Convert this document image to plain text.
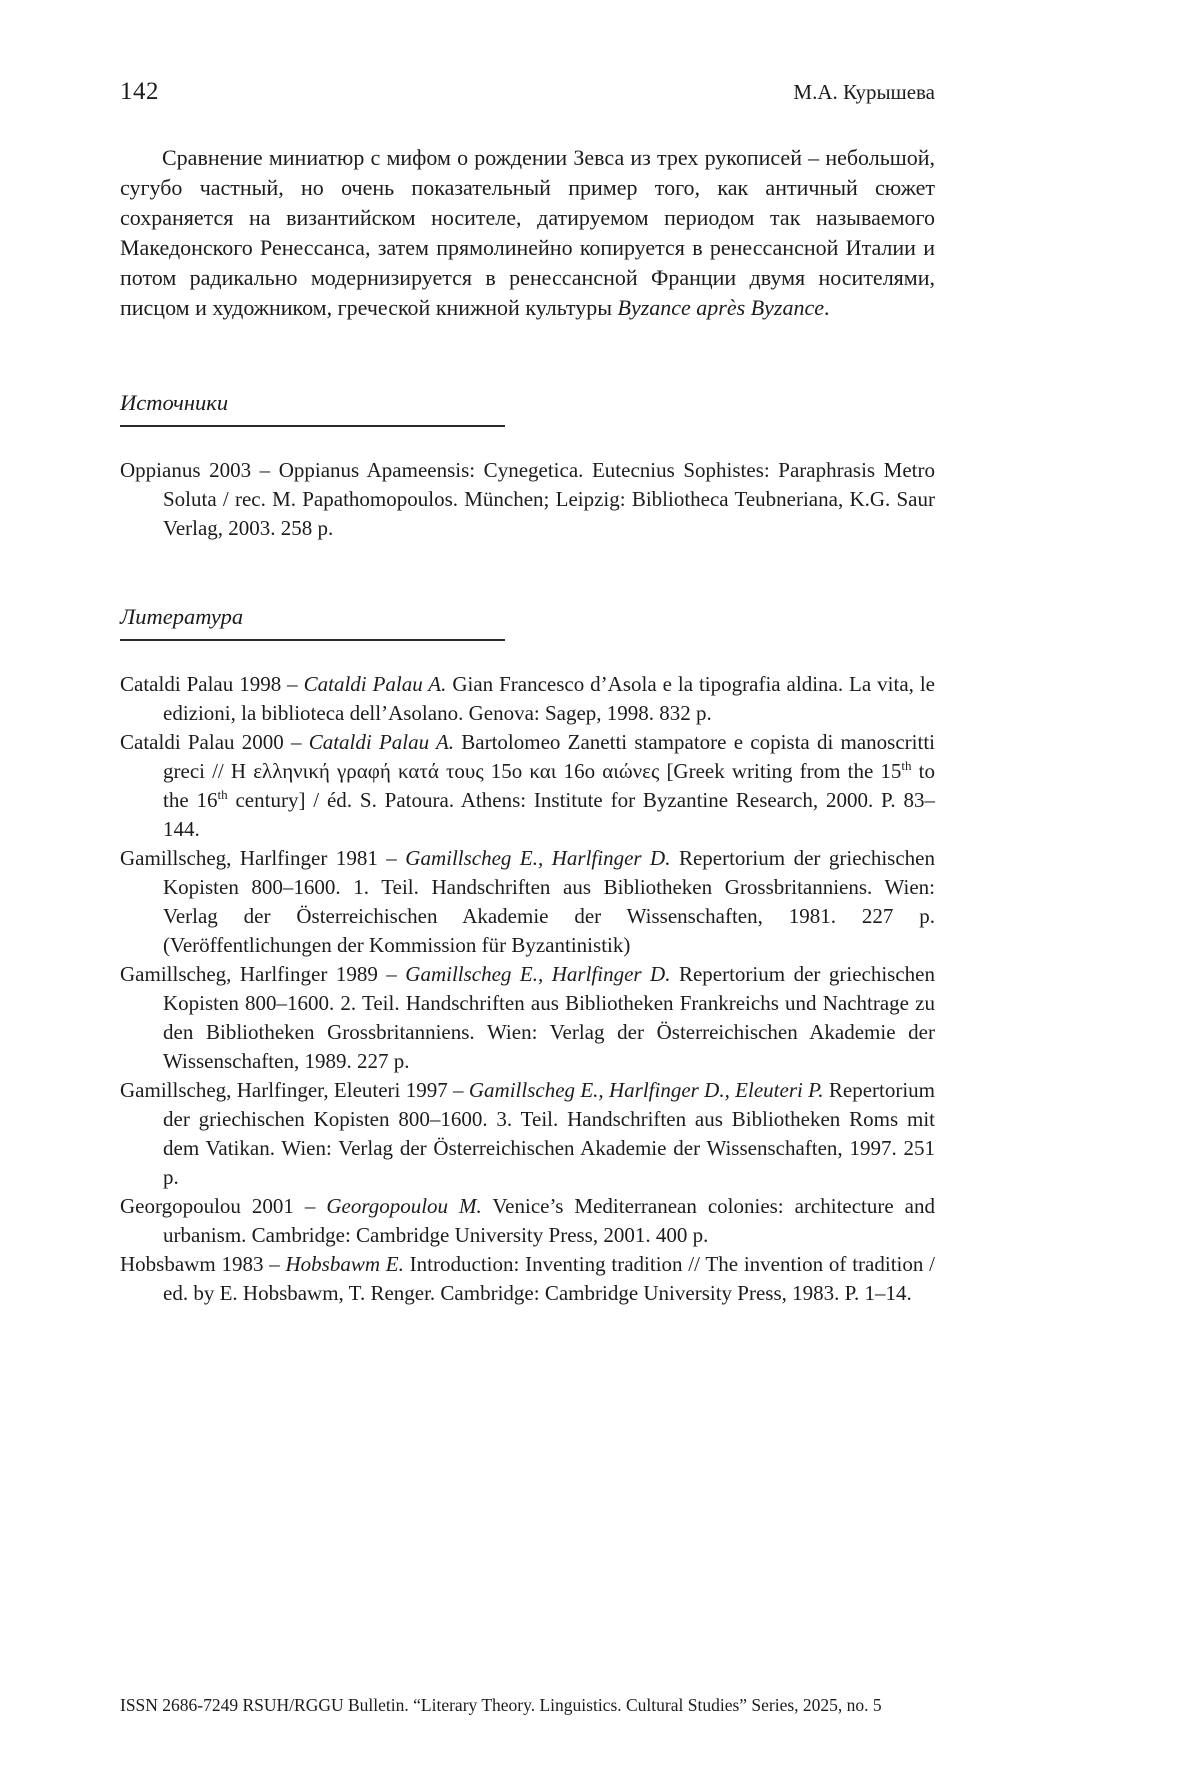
142	М.А. Курышева

Сравнение миниатюр с мифом о рождении Зевса из трех рукописей – небольшой, сугубо частный, но очень показательный пример того, как античный сюжет сохраняется на византийском носителе, датируемом периодом так называемого Македонского Ренессанса, затем прямолинейно копируется в ренессансной Италии и потом радикально модернизируется в ренессансной Франции двумя носителями, писцом и художником, греческой книжной культуры Byzance après Byzance.

Источники

Oppianus 2003 – Oppianus Apameensis: Cynegetica. Eutecnius Sophistes: Paraphrasis Metro Soluta / rec. M. Papathomopoulos. München; Leipzig: Bibliotheca Teubneriana, K.G. Saur Verlag, 2003. 258 p.

Литература

Cataldi Palau 1998 – Cataldi Palau A. Gian Francesco d’Asola e la tipografia aldina. La vita, le edizioni, la biblioteca dell’Asolano. Genova: Sagep, 1998. 832 p.

Cataldi Palau 2000 – Cataldi Palau A. Bartolomeo Zanetti stampatore e copista di manoscritti greci // Η ελληνική γραφή κατά τους 15ο και 16ο αιώνες [Greek writing from the 15th to the 16th century] / éd. S. Patoura. Athens: Institute for Byzantine Research, 2000. P. 83–144.

Gamillscheg, Harlfinger 1981 – Gamillscheg E., Harlfinger D. Repertorium der griechischen Kopisten 800–1600. 1. Teil. Handschriften aus Bibliotheken Grossbritanniens. Wien: Verlag der Österreichischen Akademie der Wissenschaften, 1981. 227 p. (Veröffentlichungen der Kommission für Byzantinistik)

Gamillscheg, Harlfinger 1989 – Gamillscheg E., Harlfinger D. Repertorium der griechischen Kopisten 800–1600. 2. Teil. Handschriften aus Bibliotheken Frankreichs und Nachtrage zu den Bibliotheken Grossbritanniens. Wien: Verlag der Österreichischen Akademie der Wissenschaften, 1989. 227 p.

Gamillscheg, Harlfinger, Eleuteri 1997 – Gamillscheg E., Harlfinger D., Eleuteri P. Repertorium der griechischen Kopisten 800–1600. 3. Teil. Handschriften aus Bibliotheken Roms mit dem Vatikan. Wien: Verlag der Österreichischen Akademie der Wissenschaften, 1997. 251 p.

Georgopoulou 2001 – Georgopoulou M. Venice’s Mediterranean colonies: architecture and urbanism. Cambridge: Cambridge University Press, 2001. 400 p.

Hobsbawm 1983 – Hobsbawm E. Introduction: Inventing tradition // The invention of tradition / ed. by E. Hobsbawm, T. Renger. Cambridge: Cambridge University Press, 1983. P. 1–14.

ISSN 2686-7249 RSUH/RGGU Bulletin. “Literary Theory. Linguistics. Cultural Studies” Series, 2025, no. 5
